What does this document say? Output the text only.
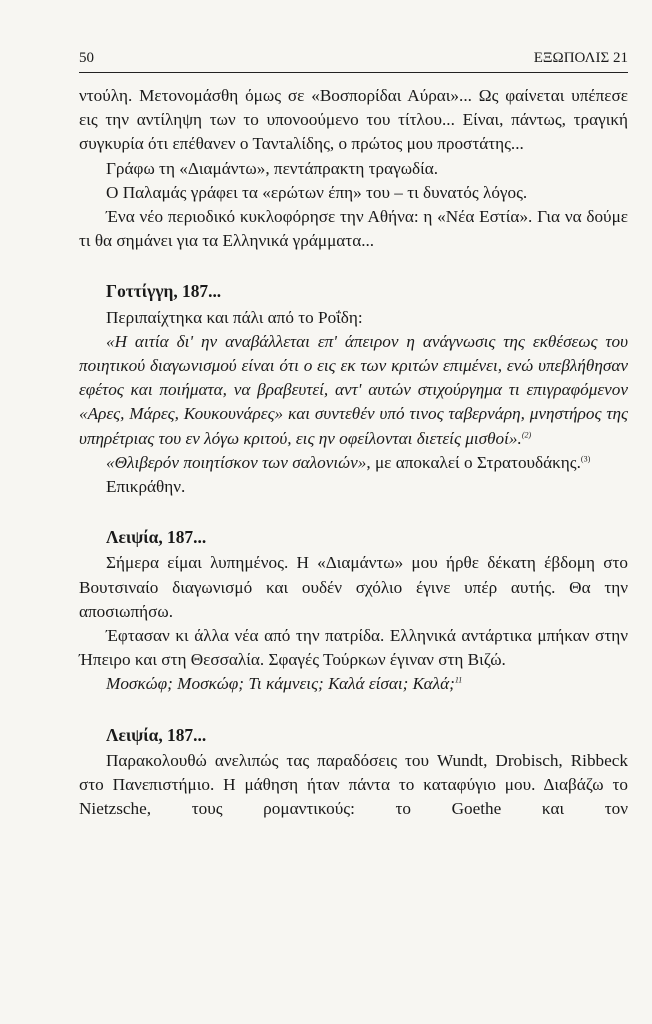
50	ΕΞΩΠΟΛΙΣ 21

ντούλη. Μετονομάσθη όμως σε «Βοσπορίδαι Αύραι»... Ως φαίνεται υπέπεσε εις την αντίληψη των το υπονοούμενο του τίτλου... Είναι, πάντως, τραγική συγκυρία ότι επέθανεν ο Ταντaλίδης, ο πρώτος μου προστάτης...

Γράφω τη «Διαμάντω», πεντάπρακτη τραγωδία.

Ο Παλαμάς γράφει τα «ερώτων έπη» του – τι δυνατός λόγος.

Ένα νέο περιοδικό κυκλοφόρησε την Αθήνα: η «Νέα Εστία». Για να δούμε τι θα σημάνει για τα Ελληνικά γράμματα...

Γοττίγγη, 187...

Περιπαίχτηκα και πάλι από το Ροΐδη:

«Η αιτία δι' ην αναβάλλεται επ' άπειρον η ανάγνωσις της εκθέσεως του ποιητικού διαγωνισμού είναι ότι ο εις εκ των κριτών επιμένει, ενώ υπεβλήθησαν εφέτος και ποιήματα, να βραβευτεί, αντ' αυτών στιχούργημα τι επιγραφόμενον «Αρες, Μάρες, Κουκουνάρες» και συντεθέν υπό τινος ταβερνάρη, μνηστήρος της υπηρέτριας του εν λόγω κριτού, εις ην οφείλονται διετείς μισθοί».$^{(2)}$

«Θλιβερόν ποιητίσκον των σαλονιών», με αποκαλεί ο Στρατουδάκης.$^{(3)}$

Επικράθην.

Λειψία, 187...

Σήμερα είμαι λυπημένος. Η «Διαμάντω» μου ήρθε δέκατη έβδομη στο Βουτσιναίο διαγωνισμό και ουδέν σχόλιο έγινε υπέρ αυτής. Θα την αποσιωπήσω.

Έφτασαν κι άλλα νέα από την πατρίδα. Ελληνικά αντάρτικα μπήκαν στην Ήπειρο και στη Θεσσαλία. Σφαγές Τούρκων έγιναν στη Βιζώ.

Μοσκώφ; Μοσκώφ; Τι κάμνεις; Καλά είσαι; Καλά;$^{11}$

Λειψία, 187...

Παρακολουθώ ανελιπώς τας παραδόσεις του Wundt, Drobisch, Ribbeck στο Πανεπιστήμιο. Η μάθηση ήταν πάντα το καταφύγιο μου. Διαβάζω το Nietzsche, τους ρομαντικούς: το Goethe και τον
